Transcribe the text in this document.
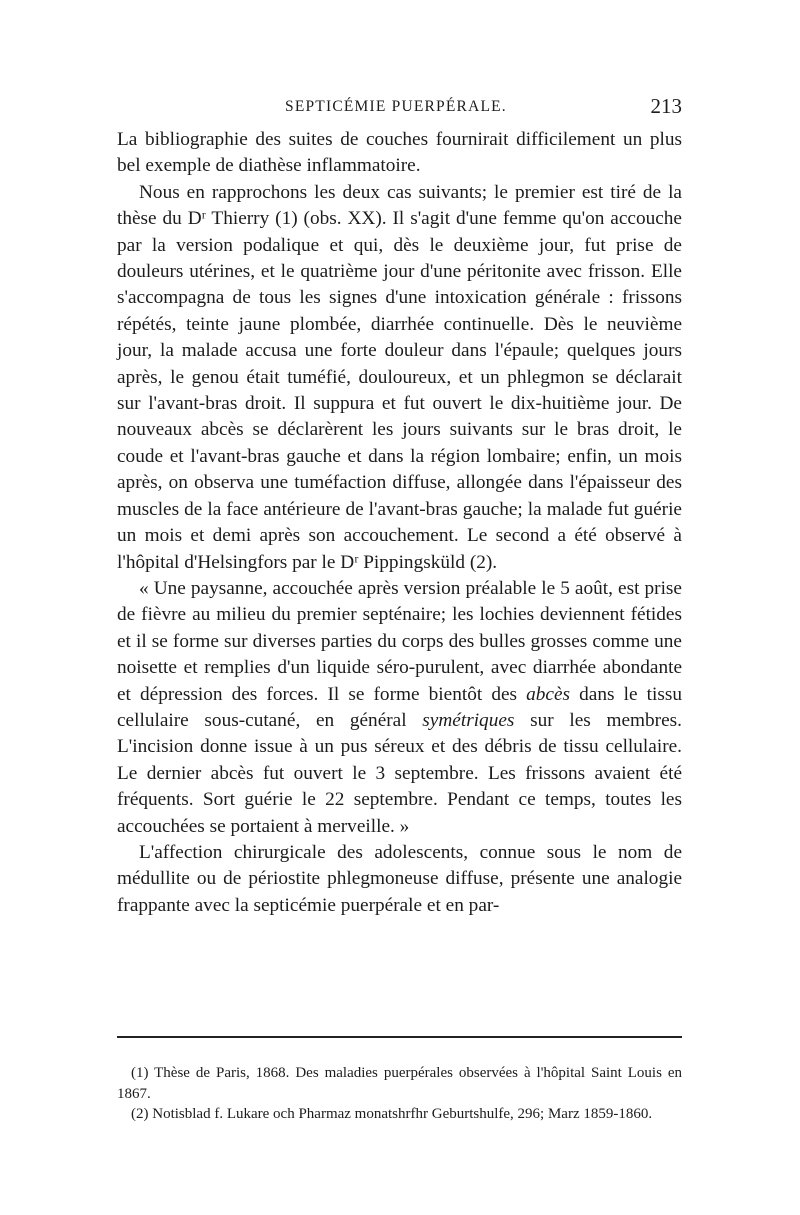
SEPTICÉMIE PUERPÉRALE.	213

La bibliographie des suites de couches fournirait difficilement un plus bel exemple de diathèse inflammatoire.

Nous en rapprochons les deux cas suivants; le premier est tiré de la thèse du Dʳ Thierry (1) (obs. XX). Il s'agit d'une femme qu'on accouche par la version podalique et qui, dès le deuxième jour, fut prise de douleurs utérines, et le quatrième jour d'une péritonite avec frisson. Elle s'accompagna de tous les signes d'une intoxication générale : frissons répétés, teinte jaune plombée, diarrhée continuelle. Dès le neuvième jour, la malade accusa une forte douleur dans l'épaule; quelques jours après, le genou était tuméfié, douloureux, et un phlegmon se déclarait sur l'avant-bras droit. Il suppura et fut ouvert le dix-huitième jour. De nouveaux abcès se déclarèrent les jours suivants sur le bras droit, le coude et l'avant-bras gauche et dans la région lombaire; enfin, un mois après, on observa une tuméfaction diffuse, allongée dans l'épaisseur des muscles de la face antérieure de l'avant-bras gauche; la malade fut guérie un mois et demi après son accouchement. Le second a été observé à l'hôpital d'Helsingfors par le Dʳ Pippingsküld (2).

« Une paysanne, accouchée après version préalable le 5 août, est prise de fièvre au milieu du premier septénaire; les lochies deviennent fétides et il se forme sur diverses parties du corps des bulles grosses comme une noisette et remplies d'un liquide séro-purulent, avec diarrhée abondante et dépression des forces. Il se forme bientôt des abcès dans le tissu cellulaire sous-cutané, en général symétriques sur les membres. L'incision donne issue à un pus séreux et des débris de tissu cellulaire. Le dernier abcès fut ouvert le 3 septembre. Les frissons avaient été fréquents. Sort guérie le 22 septembre. Pendant ce temps, toutes les accouchées se portaient à merveille. »

L'affection chirurgicale des adolescents, connue sous le nom de médullite ou de périostite phlegmoneuse diffuse, présente une analogie frappante avec la septicémie puerpérale et en par-

(1) Thèse de Paris, 1868. Des maladies puerpérales observées à l'hôpital Saint Louis en 1867.

(2) Notisblad f. Lukare och Pharmaz monatshrfhr Geburtshulfe, 296; Marz 1859-1860.
